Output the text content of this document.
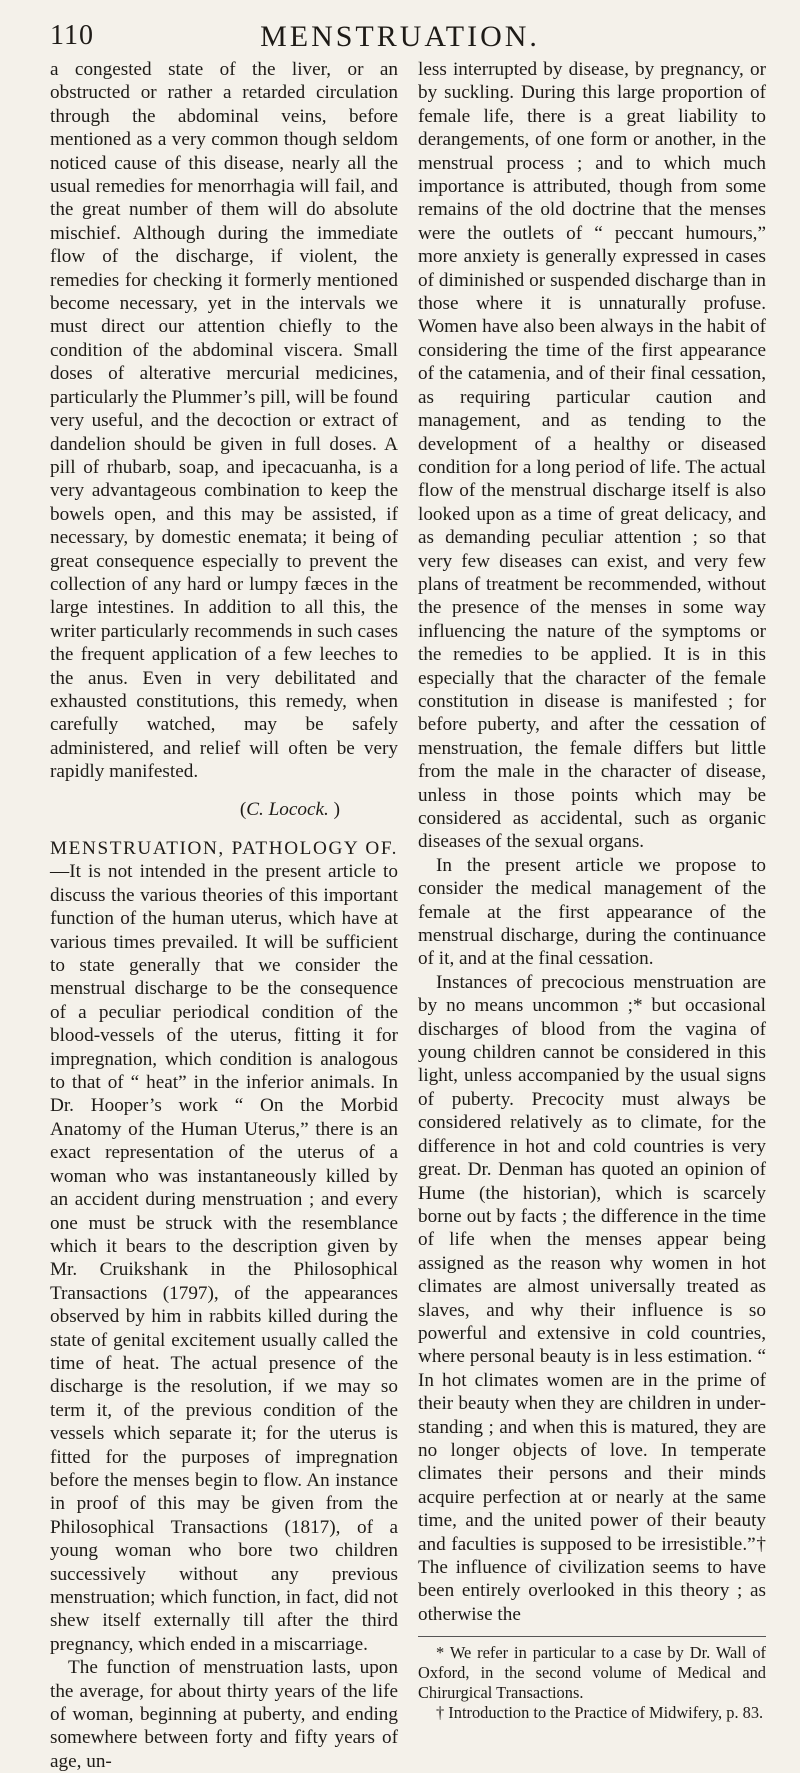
110	MENSTRUATION.

a congested state of the liver, or an obstructed or rather a retarded circulation through the abdominal veins, before mentioned as a very common though seldom noticed cause of this disease, nearly all the usual remedies for menorrhagia will fail, and the great number of them will do absolute mischief. Although during the immediate flow of the discharge, if violent, the remedies for checking it formerly mentioned become necessary, yet in the intervals we must direct our attention chiefly to the condition of the abdominal viscera. Small doses of alterative mercurial medicines, particularly the Plummer’s pill, will be found very useful, and the decoction or extract of dandelion should be given in full doses. A pill of rhubarb, soap, and ipecacuanha, is a very advantageous combination to keep the bowels open, and this may be assisted, if necessary, by domestic enemata; it being of great consequence especially to prevent the collection of any hard or lumpy fæces in the large intestines. In addition to all this, the writer particularly recommends in such cases the frequent application of a few leeches to the anus. Even in very debilitated and exhausted constitutions, this remedy, when carefully watched, may be safely administered, and relief will often be very rapidly manifested.

(C. Locock. )

MENSTRUATION, PATHOLOGY OF.—It is not intended in the present article to discuss the various theories of this important function of the human uterus, which have at various times prevailed. It will be sufficient to state generally that we consider the menstrual discharge to be the consequence of a peculiar periodical condition of the blood-vessels of the uterus, fitting it for impregnation, which condition is analogous to that of “ heat” in the inferior animals. In Dr. Hooper’s work “ On the Morbid Anatomy of the Human Uterus,” there is an exact representation of the uterus of a woman who was instantaneously killed by an accident during menstruation ; and every one must be struck with the resemblance which it bears to the description given by Mr. Cruikshank in the Philosophical Transactions (1797), of the appearances observed by him in rabbits killed during the state of genital excitement usually called the time of heat. The actual presence of the discharge is the resolution, if we may so term it, of the previous condition of the vessels which separate it; for the uterus is fitted for the purposes of impregnation before the menses begin to flow. An instance in proof of this may be given from the Philosophical Transactions (1817), of a young woman who bore two children successively without any previous menstruation; which function, in fact, did not shew itself externally till after the third pregnancy, which ended in a miscarriage.

The function of menstruation lasts, upon the average, for about thirty years of the life of woman, beginning at puberty, and ending somewhere between forty and fifty years of age, un-

less interrupted by disease, by pregnancy, or by suckling. During this large proportion of female life, there is a great liability to derangements, of one form or another, in the menstrual process ; and to which much importance is attributed, though from some remains of the old doctrine that the menses were the outlets of “ peccant humours,” more anxiety is generally expressed in cases of diminished or suspended discharge than in those where it is unnaturally profuse. Women have also been always in the habit of considering the time of the first appearance of the catamenia, and of their final cessation, as requiring particular caution and management, and as tending to the development of a healthy or diseased condition for a long period of life. The actual flow of the menstrual discharge itself is also looked upon as a time of great delicacy, and as demanding peculiar attention ; so that very few diseases can exist, and very few plans of treatment be recommended, without the presence of the menses in some way influencing the nature of the symptoms or the remedies to be applied. It is in this especially that the character of the female constitution in disease is manifested ; for before puberty, and after the cessation of menstruation, the female differs but little from the male in the character of disease, unless in those points which may be considered as accidental, such as organic diseases of the sexual organs.

In the present article we propose to consider the medical management of the female at the first appearance of the menstrual discharge, during the continuance of it, and at the final cessation.

Instances of precocious menstruation are by no means uncommon ;* but occasional discharges of blood from the vagina of young children cannot be considered in this light, unless accompanied by the usual signs of puberty. Precocity must always be considered relatively as to climate, for the difference in hot and cold countries is very great. Dr. Denman has quoted an opinion of Hume (the historian), which is scarcely borne out by facts ; the difference in the time of life when the menses appear being assigned as the reason why women in hot climates are almost universally treated as slaves, and why their influence is so powerful and extensive in cold countries, where personal beauty is in less estimation. “ In hot climates women are in the prime of their beauty when they are children in under-standing ; and when this is matured, they are no longer objects of love. In temperate climates their persons and their minds acquire perfection at or nearly at the same time, and the united power of their beauty and faculties is supposed to be irresistible.”† The influence of civilization seems to have been entirely overlooked in this theory ; as otherwise the

* We refer in particular to a case by Dr. Wall of Oxford, in the second volume of Medical and Chirurgical Transactions.

† Introduction to the Practice of Midwifery, p. 83.
